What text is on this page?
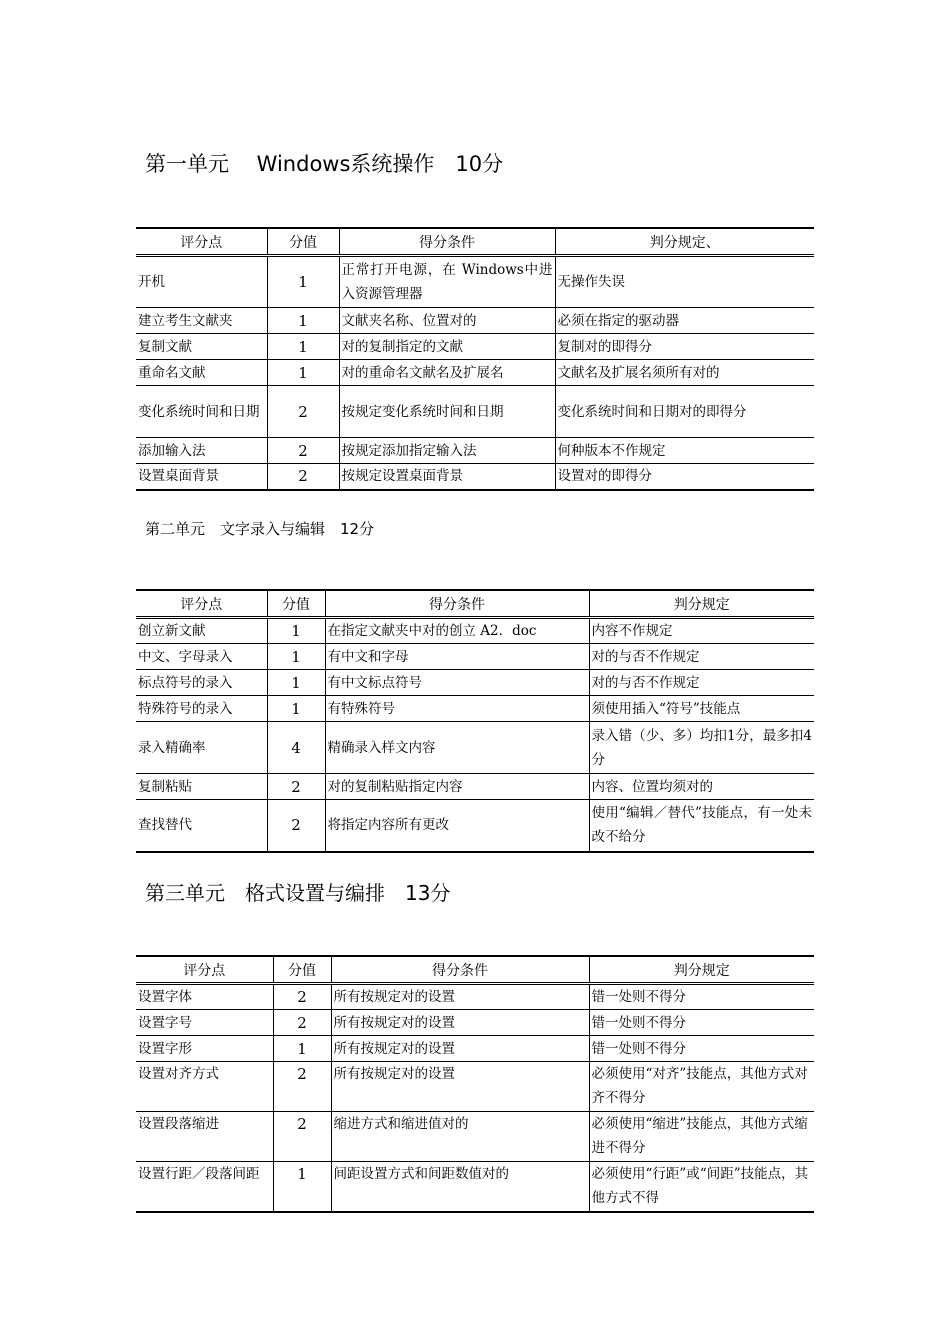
第一单元　 Windows系统操作　10分
评分点	分值	得分条件	判分规定、
开机	1	正常打开电源，在 Windows中进入资源管理器	无操作失误
建立考生文献夹	1	文献夹名称、位置对的	必须在指定的驱动器
复制文献	1	对的复制指定的文献	复制对的即得分
重命名文献	1	对的重命名文献名及扩展名	文献名及扩展名须所有对的
变化系统时间和日期	2	按规定变化系统时间和日期	变化系统时间和日期对的即得分
添加输入法	2	按规定添加指定输入法	何种版本不作规定
设置桌面背景	2	按规定设置桌面背景	设置对的即得分
第二单元　文字录入与编辑　12分
评分点	分值	得分条件	判分规定
创立新文献	1	在指定文献夹中对的创立 A2．doc	内容不作规定
中文、字母录入	1	有中文和字母	对的与否不作规定
标点符号的录入	1	有中文标点符号	对的与否不作规定
特殊符号的录入	1	有特殊符号	须使用插入“符号”技能点
录入精确率	4	精确录入样文内容	录入错（少、多）均扣1分，最多扣4分
复制粘贴	2	对的复制粘贴指定内容	内容、位置均须对的
查找替代	2	将指定内容所有更改	使用“编辑／替代”技能点，有一处未改不给分
第三单元　格式设置与编排　13分
评分点	分值	得分条件	判分规定
设置字体	2	所有按规定对的设置	错一处则不得分
设置字号	2	所有按规定对的设置	错一处则不得分
设置字形	1	所有按规定对的设置	错一处则不得分
设置对齐方式	2	所有按规定对的设置	必须使用“对齐”技能点，其他方式对齐不得分
设置段落缩进	2	缩进方式和缩进值对的	必须使用“缩进”技能点，其他方式缩进不得分
设置行距／段落间距	1	间距设置方式和间距数值对的	必须使用“行距”或“间距”技能点，其他方式不得
